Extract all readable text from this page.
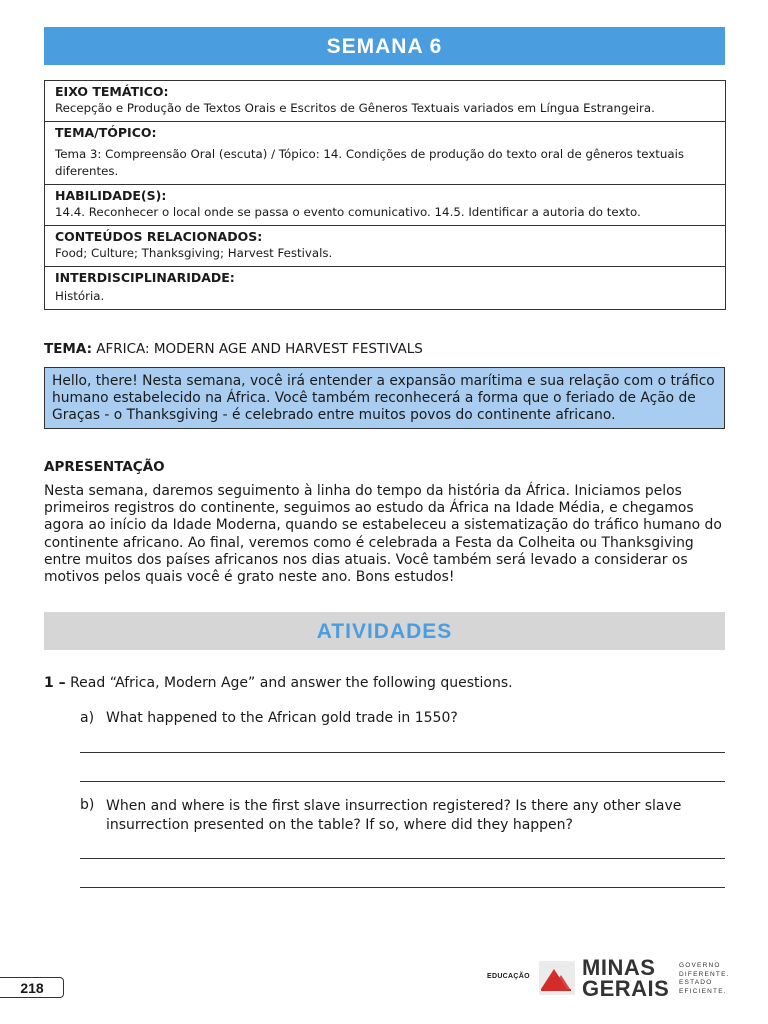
SEMANA 6
EIXO TEMÁTICO:
Recepção e Produção de Textos Orais e Escritos de Gêneros Textuais variados em Língua Estrangeira.

TEMA/TÓPICO:
Tema 3: Compreensão Oral (escuta) / Tópico: 14. Condições de produção do texto oral de gêneros textuais diferentes.

HABILIDADE(S):
14.4. Reconhecer o local onde se passa o evento comunicativo. 14.5. Identificar a autoria do texto.

CONTEÚDOS RELACIONADOS:
Food; Culture; Thanksgiving; Harvest Festivals.

INTERDISCIPLINARIDADE:
História.
TEMA: AFRICA: MODERN AGE AND HARVEST FESTIVALS
Hello, there! Nesta semana, você irá entender a expansão marítima e sua relação com o tráfico humano estabelecido na África. Você também reconhecerá a forma que o feriado de Ação de Graças - o Thanksgiving - é celebrado entre muitos povos do continente africano.
APRESENTAÇÃO
Nesta semana, daremos seguimento à linha do tempo da história da África. Iniciamos pelos primeiros registros do continente, seguimos ao estudo da África na Idade Média, e chegamos agora ao início da Idade Moderna, quando se estabeleceu a sistematização do tráfico humano do continente africano. Ao final, veremos como é celebrada a Festa da Colheita ou Thanksgiving entre muitos dos países africanos nos dias atuais. Você também será levado a considerar os motivos pelos quais você é grato neste ano. Bons estudos!
ATIVIDADES
1 – Read “Africa, Modern Age” and answer the following questions.
a) What happened to the African gold trade in 1550?
b) When and where is the first slave insurrection registered? Is there any other slave insurrection presented on the table? If so, where did they happen?
218
EDUCAÇÃO MINAS
GERAIS
GOVERNO
DIFERENTE.
ESTADO
EFICIENTE.
